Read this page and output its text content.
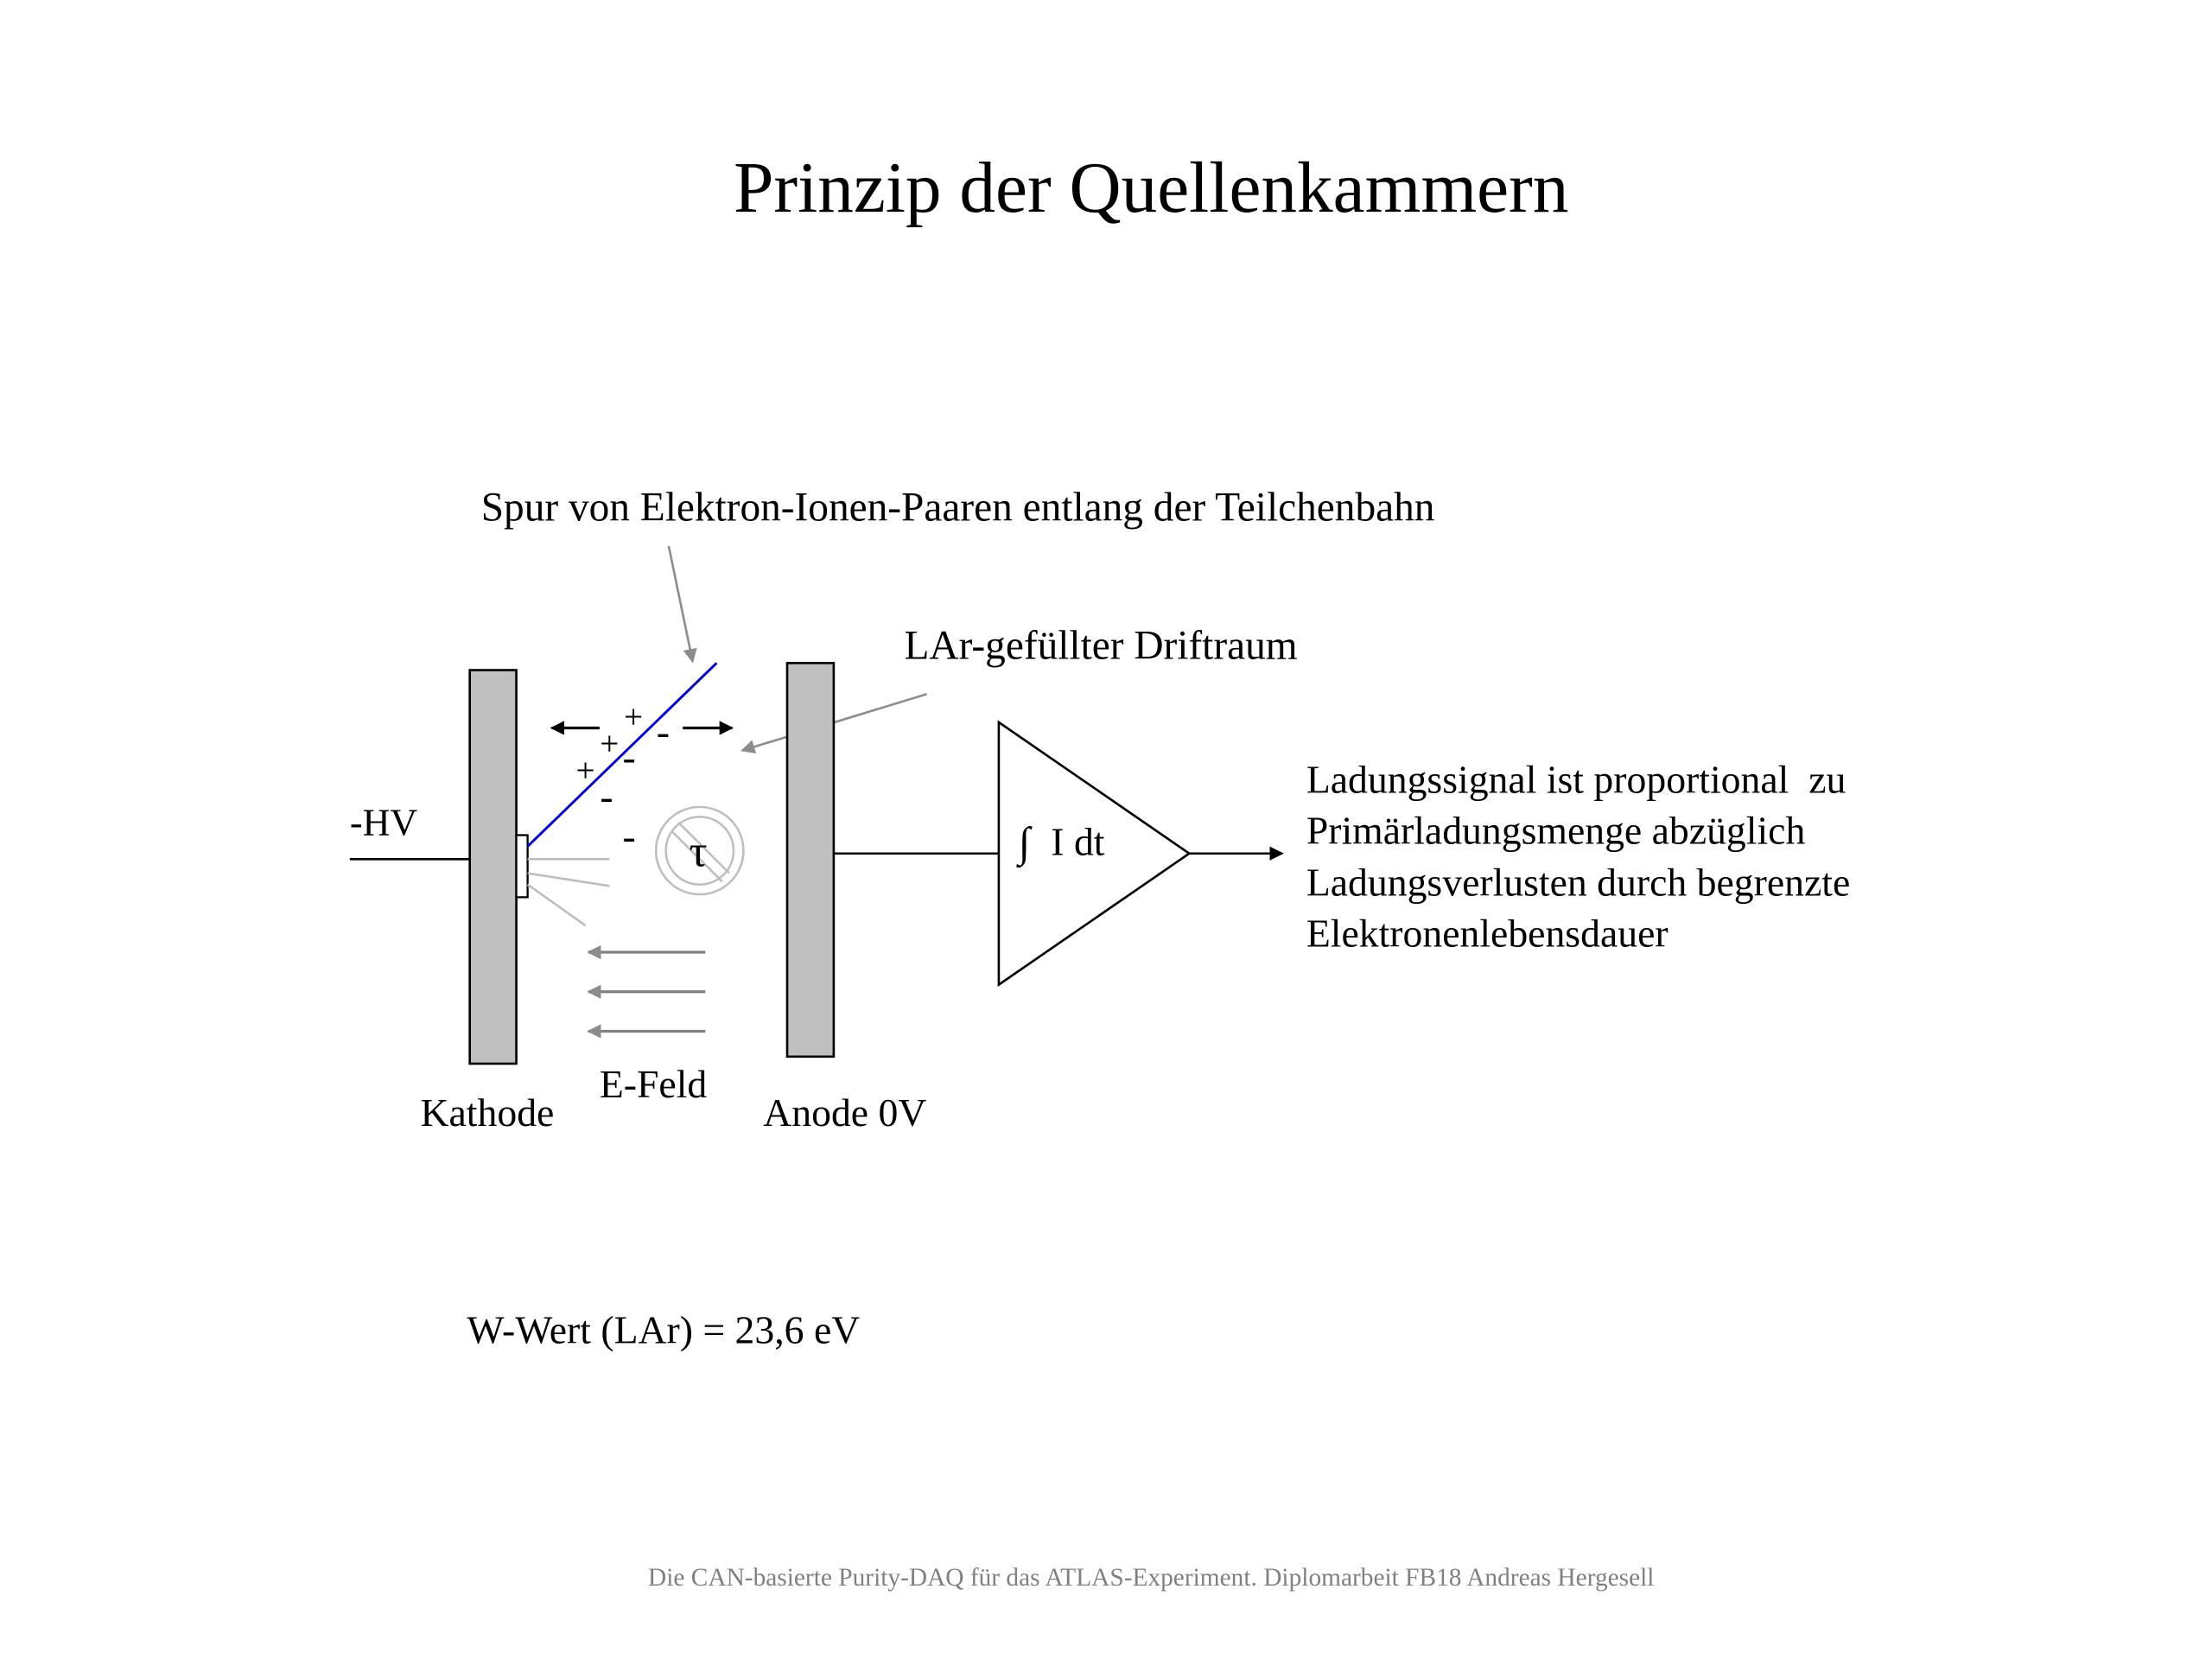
Prinzip der Quellenkammern
Spur von Elektron-Ionen-Paaren entlang der Teilchenbahn
LAr-gefüllter Driftraum
-HV
+
+
+
-
-
-
- τ	∫ I dt
Ladungssignal ist proportional  zu
Primärladungsmenge abzüglich
Ladungsverlusten durch begrenzte
Elektronenlebensdauer
Kathode
E-Feld
Anode 0V
W-Wert (LAr) = 23,6 eV
Die CAN-basierte Purity-DAQ für das ATLAS-Experiment. Diplomarbeit FB18 Andreas Hergesell
